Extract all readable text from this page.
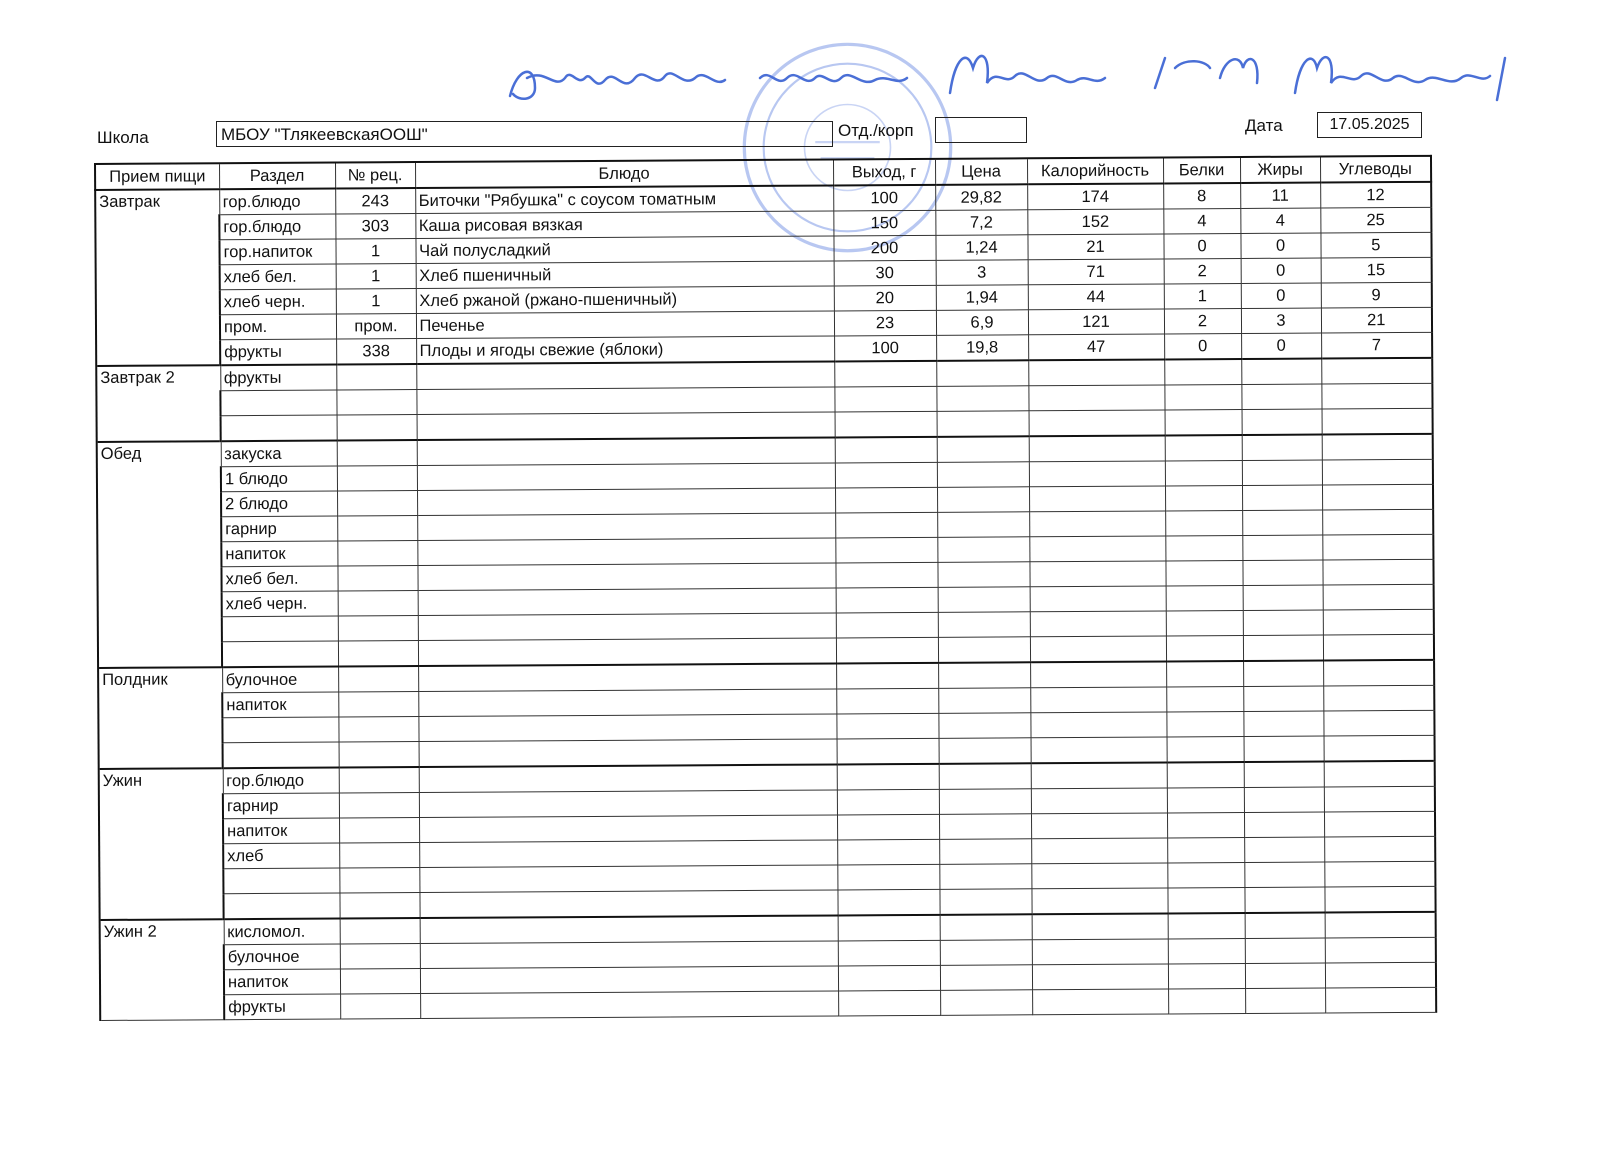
Школа	МБОУ "ТлякеевскаяООШ"	Отд./корп	Дата	17.05.2025
Прием пищи	Раздел	№ рец.	Блюдо	Выход, г	Цена	Калорийность	Белки	Жиры	Углеводы
Завтрак	гор.блюдо	243	Биточки "Рябушка" с соусом томатным	100	29,82	174	8	11	12
	гор.блюдо	303	Каша рисовая вязкая	150	7,2	152	4	4	25
	гор.напиток	1	Чай полусладкий	200	1,24	21	0	0	5
	хлеб бел.	1	Хлеб пшеничный	30	3	71	2	0	15
	хлеб черн.	1	Хлеб ржаной (ржано-пшеничный)	20	1,94	44	1	0	9
	пром.	пром.	Печенье	23	6,9	121	2	3	21
	фрукты	338	Плоды и ягоды свежие (яблоки)	100	19,8	47	0	0	7
Завтрак 2	фрукты								

Обед	закуска								
	1 блюдо								
	2 блюдо								
	гарнир								
	напиток								
	хлеб бел.								
	хлеб черн.								

Полдник	булочное								
	напиток								

Ужин	гор.блюдо								
	гарнир								
	напиток								
	хлеб								

Ужин 2	кисломол.								
	булочное								
	напиток								
	фрукты								
